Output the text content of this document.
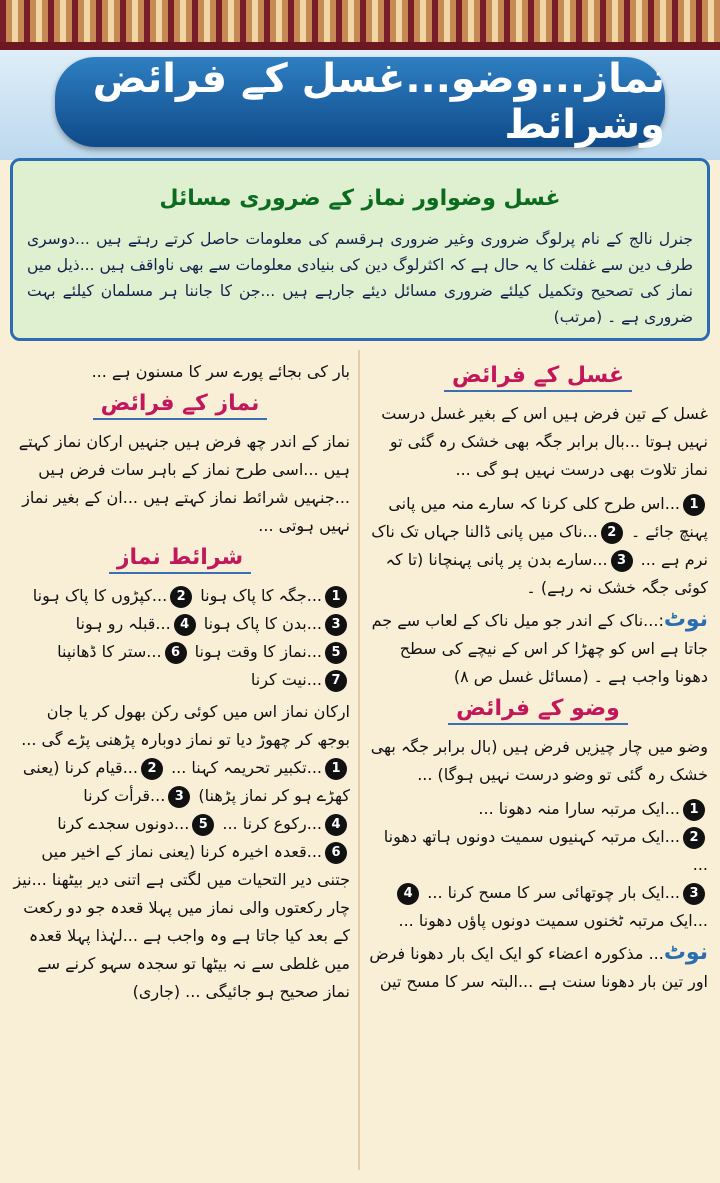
نماز...وضو...غسل کے فرائض وشرائط
غسل وضواور نماز کے ضروری مسائل
جنرل نالج کے نام پرلوگ ضروری وغیر ضروری ہرقسم کی معلومات حاصل کرتے رہتے ہیں ...دوسری طرف دین سے غفلت کا یہ حال ہے کہ اکثرلوگ دین کی بنیادی معلومات سے بھی ناواقف ہیں ...ذیل میں نماز کی تصحیح وتکمیل کیلئے ضروری مسائل دیئے جارہے ہیں ...جن کا جاننا ہر مسلمان کیلئے بہت ضروری ہے ۔ (مرتب)
غسل کے فرائض

غسل کے تین فرض ہیں اس کے بغیر غسل درست نہیں ہوتا ...بال برابر جگہ بھی خشک رہ گئی تو نماز تلاوت بھی درست نہیں ہو گی ...

1...اس طرح کلی کرنا کہ سارے منہ میں پانی پہنچ جائے ۔ 2...ناک میں پانی ڈالنا جہاں تک ناک نرم ہے ... 3...سارے بدن پر پانی پہنچانا (تا کہ کوئی جگہ خشک نہ رہے) ۔

نوٹ:...ناک کے اندر جو میل ناک کے لعاب سے جم جاتا ہے اس کو چھڑا کر اس کے نیچے کی سطح دھونا واجب ہے ۔ (مسائل غسل ص ۸)

وضو کے فرائض

وضو میں چار چیزیں فرض ہیں (بال برابر جگہ بھی خشک رہ گئی تو وضو درست نہیں ہوگا) ...

1...ایک مرتبہ سارا منہ دھونا ...

2...ایک مرتبہ کہنیوں سمیت دونوں ہاتھ دھونا ...

3...ایک بار چوتھائی سر کا مسح کرنا ... 4...ایک مرتبہ ٹخنوں سمیت دونوں پاؤں دھونا ...

نوٹ... مذکورہ اعضاء کو ایک ایک بار دھونا فرض اور تین بار دھونا سنت ہے ...البتہ سر کا مسح تین

بار کی بجائے پورے سر کا مسنون ہے ...

نماز کے فرائض

نماز کے اندر چھ فرض ہیں جنہیں ارکان نماز کہتے ہیں ...اسی طرح نماز کے باہر سات فرض ہیں ...جنہیں شرائط نماز کہتے ہیں ...ان کے بغیر نماز نہیں ہوتی ...

شرائط نماز

1...جگہ کا پاک ہونا 2...کپڑوں کا پاک ہونا

3...بدن کا پاک ہونا 4...قبلہ رو ہونا

5...نماز کا وقت ہونا 6...ستر کا ڈھانپنا

7...نیت کرنا

ارکان نماز اس میں کوئی رکن بھول کر یا جان بوجھ کر چھوڑ دیا تو نماز دوبارہ پڑھنی پڑے گی ...

1...تکبیر تحریمہ کہنا ... 2...قیام کرنا (یعنی کھڑے ہو کر نماز پڑھنا) 3...قرأت کرنا

4...رکوع کرنا ... 5...دونوں سجدے کرنا

6...قعدہ اخیرہ کرنا (یعنی نماز کے اخیر میں جتنی دیر التحیات میں لگتی ہے اتنی دیر بیٹھنا ...نیز چار رکعتوں والی نماز میں پہلا قعدہ جو دو رکعت کے بعد کیا جاتا ہے وہ واجب ہے ...لہٰذا پہلا قعدہ میں غلطی سے نہ بیٹھا تو سجدہ سہو کرنے سے نماز صحیح ہو جائیگی ... (جاری)
